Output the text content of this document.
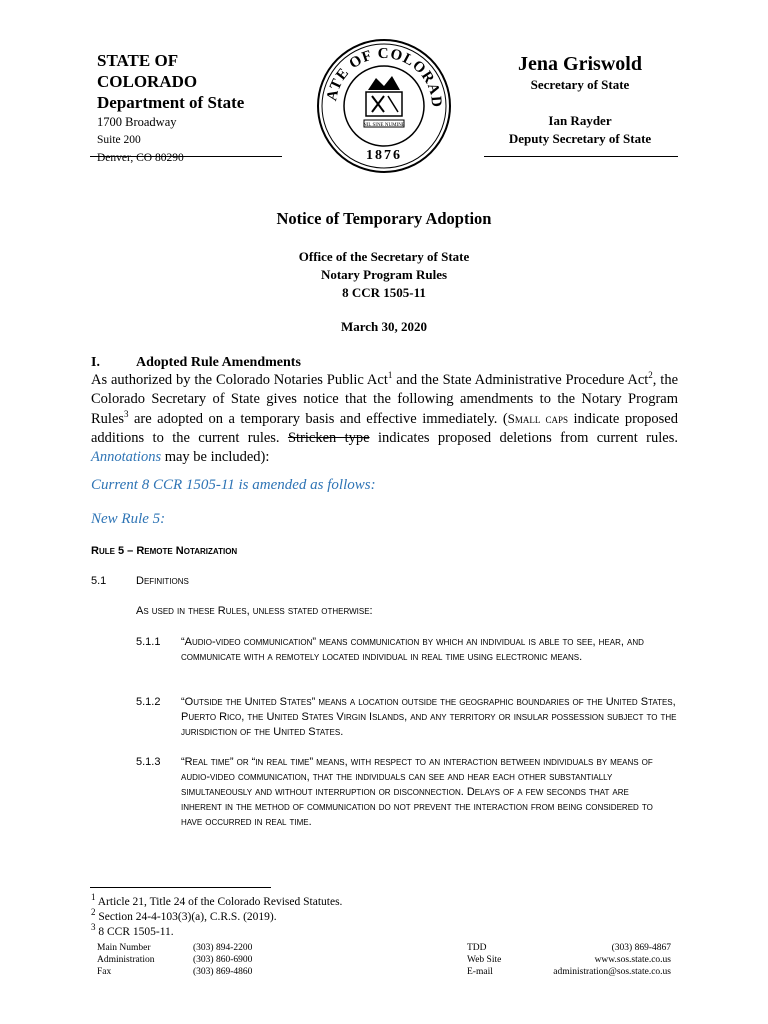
STATE OF
COLORADO
Department of State
1700 Broadway
Suite 200
Denver, CO 80290
ATE OF COLORAD
NIL SINE NUMINE
1876
Jena Griswold
Secretary of State
Ian Rayder
Deputy Secretary of State
Notice of Temporary Adoption
Office of the Secretary of State
Notary Program Rules
8 CCR 1505-11
March 30, 2020
I.	Adopted Rule Amendments
As authorized by the Colorado Notaries Public Act$^1$ and the State Administrative Procedure Act$^2$, the Colorado Secretary of State gives notice that the following amendments to the Notary Program Rules$^3$ are adopted on a temporary basis and effective immediately. (Small caps indicate proposed additions to the current rules. Stricken type indicates proposed deletions from current rules. Annotations may be included):
Current 8 CCR 1505-11 is amended as follows:
New Rule 5:
Rule 5 – Remote Notarization
5.1	Definitions
As used in these Rules, unless stated otherwise:
5.1.1 “Audio-video communication” means communication by which an individual is able to see, hear, and communicate with a remotely located individual in real time using electronic means.
5.1.2 “Outside the United States” means a location outside the geographic boundaries of the United States, Puerto Rico, the United States Virgin Islands, and any territory or insular possession subject to the jurisdiction of the United States.
5.1.3 “Real time” or “in real time” means, with respect to an interaction between individuals by means of audio-video communication, that the individuals can see and hear each other substantially simultaneously and without interruption or disconnection. Delays of a few seconds that are inherent in the method of communication do not prevent the interaction from being considered to have occurred in real time.
$^1$ Article 21, Title 24 of the Colorado Revised Statutes.
$^2$ Section 24-4-103(3)(a), C.R.S. (2019).
$^3$ 8 CCR 1505-11.
Main Number
Administration
Fax
(303) 894-2200
(303) 860-6900
(303) 869-4860
TDD
Web Site
E-mail
(303) 869-4867
www.sos.state.co.us
administration@sos.state.co.us
